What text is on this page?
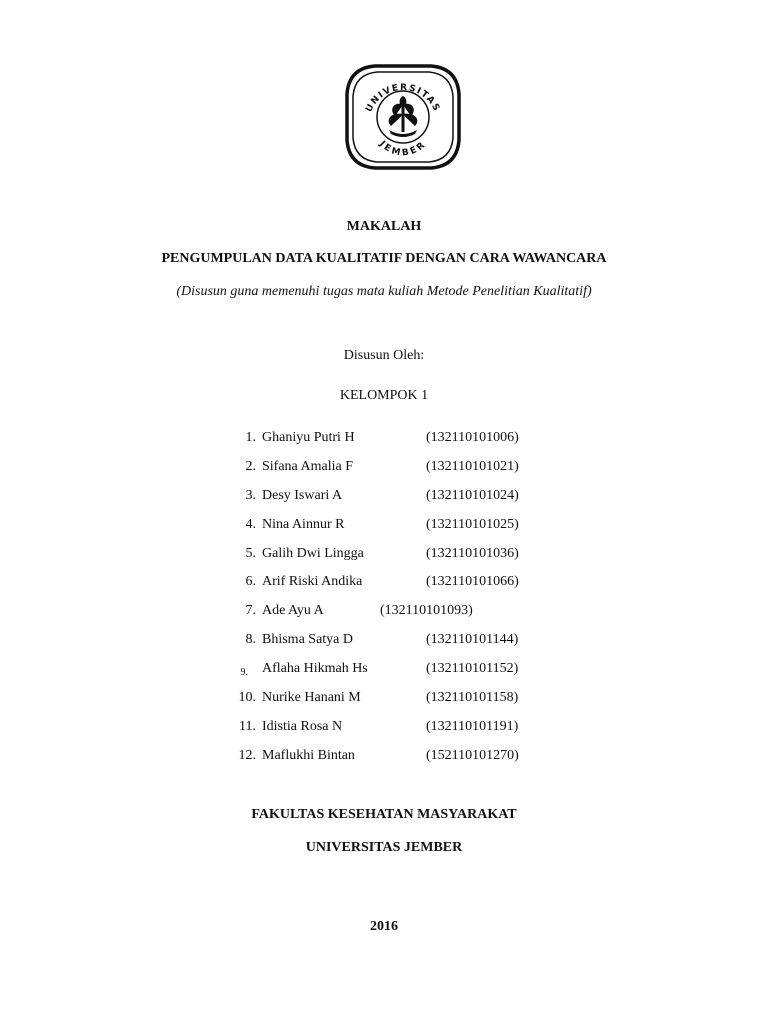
UNIVERSITAS
JEMBER
MAKALAH
PENGUMPULAN DATA KUALITATIF DENGAN CARA WAWANCARA
(Disusun guna memenuhi tugas mata kuliah Metode Penelitian Kualitatif)
Disusun Oleh:
KELOMPOK 1
1. Ghaniyu Putri H	(132110101006)
2. Sifana Amalia F	(132110101021)
3. Desy Iswari A	(132110101024)
4. Nina Ainnur R	(132110101025)
5. Galih Dwi Lingga	(132110101036)
6. Arif Riski Andika	(132110101066)
7. Ade Ayu A	(132110101093)
8. Bhisma Satya D	(132110101144)
9. Aflaha Hikmah Hs	(132110101152)
10. Nurike Hanani M	(132110101158)
11. Idistia Rosa N	(132110101191)
12. Maflukhi Bintan	(152110101270)
FAKULTAS KESEHATAN MASYARAKAT
UNIVERSITAS JEMBER
2016
